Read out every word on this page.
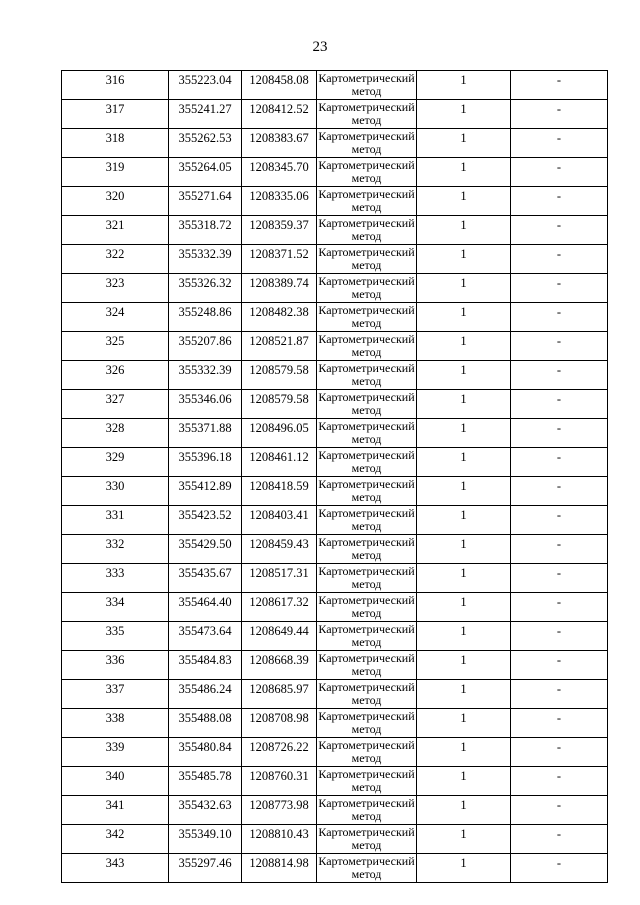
23
316	355223.04	1208458.08	Картометрический метод	1	-
317	355241.27	1208412.52	Картометрический метод	1	-
318	355262.53	1208383.67	Картометрический метод	1	-
319	355264.05	1208345.70	Картометрический метод	1	-
320	355271.64	1208335.06	Картометрический метод	1	-
321	355318.72	1208359.37	Картометрический метод	1	-
322	355332.39	1208371.52	Картометрический метод	1	-
323	355326.32	1208389.74	Картометрический метод	1	-
324	355248.86	1208482.38	Картометрический метод	1	-
325	355207.86	1208521.87	Картометрический метод	1	-
326	355332.39	1208579.58	Картометрический метод	1	-
327	355346.06	1208579.58	Картометрический метод	1	-
328	355371.88	1208496.05	Картометрический метод	1	-
329	355396.18	1208461.12	Картометрический метод	1	-
330	355412.89	1208418.59	Картометрический метод	1	-
331	355423.52	1208403.41	Картометрический метод	1	-
332	355429.50	1208459.43	Картометрический метод	1	-
333	355435.67	1208517.31	Картометрический метод	1	-
334	355464.40	1208617.32	Картометрический метод	1	-
335	355473.64	1208649.44	Картометрический метод	1	-
336	355484.83	1208668.39	Картометрический метод	1	-
337	355486.24	1208685.97	Картометрический метод	1	-
338	355488.08	1208708.98	Картометрический метод	1	-
339	355480.84	1208726.22	Картометрический метод	1	-
340	355485.78	1208760.31	Картометрический метод	1	-
341	355432.63	1208773.98	Картометрический метод	1	-
342	355349.10	1208810.43	Картометрический метод	1	-
343	355297.46	1208814.98	Картометрический метод	1	-
